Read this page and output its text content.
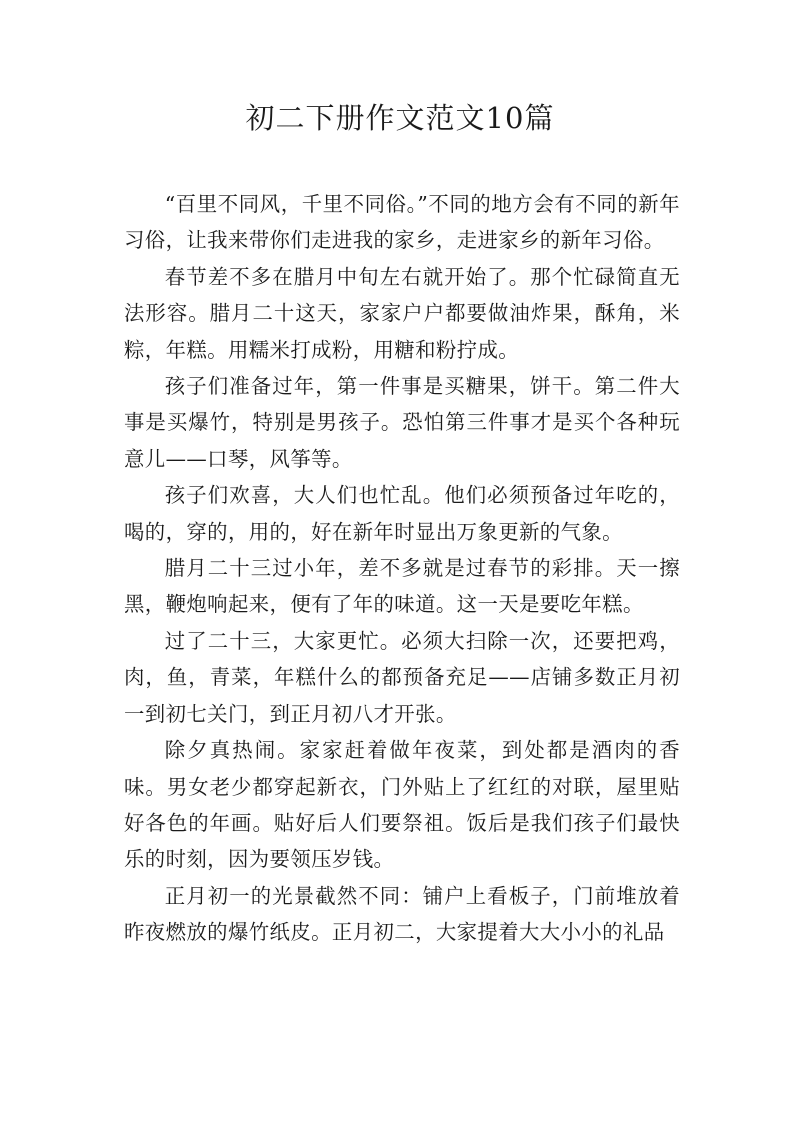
初二下册作文范文10篇

“百里不同风，千里不同俗。”不同的地方会有不同的新年习俗，让我来带你们走进我的家乡，走进家乡的新年习俗。

春节差不多在腊月中旬左右就开始了。那个忙碌简直无法形容。腊月二十这天，家家户户都要做油炸果，酥角，米粽，年糕。用糯米打成粉，用糖和粉拧成。

孩子们准备过年，第一件事是买糖果，饼干。第二件大事是买爆竹，特别是男孩子。恐怕第三件事才是买个各种玩意儿——口琴，风筝等。

孩子们欢喜，大人们也忙乱。他们必须预备过年吃的，喝的，穿的，用的，好在新年时显出万象更新的气象。

腊月二十三过小年，差不多就是过春节的彩排。天一擦黑，鞭炮响起来，便有了年的味道。这一天是要吃年糕。

过了二十三，大家更忙。必须大扫除一次，还要把鸡，肉，鱼，青菜，年糕什么的都预备充足——店铺多数正月初一到初七关门，到正月初八才开张。

除夕真热闹。家家赶着做年夜菜，到处都是酒肉的香味。男女老少都穿起新衣，门外贴上了红红的对联，屋里贴好各色的年画。贴好后人们要祭祖。饭后是我们孩子们最快乐的时刻，因为要领压岁钱。

正月初一的光景截然不同：铺户上看板子，门前堆放着昨夜燃放的爆竹纸皮。正月初二，大家提着大大小小的礼品
